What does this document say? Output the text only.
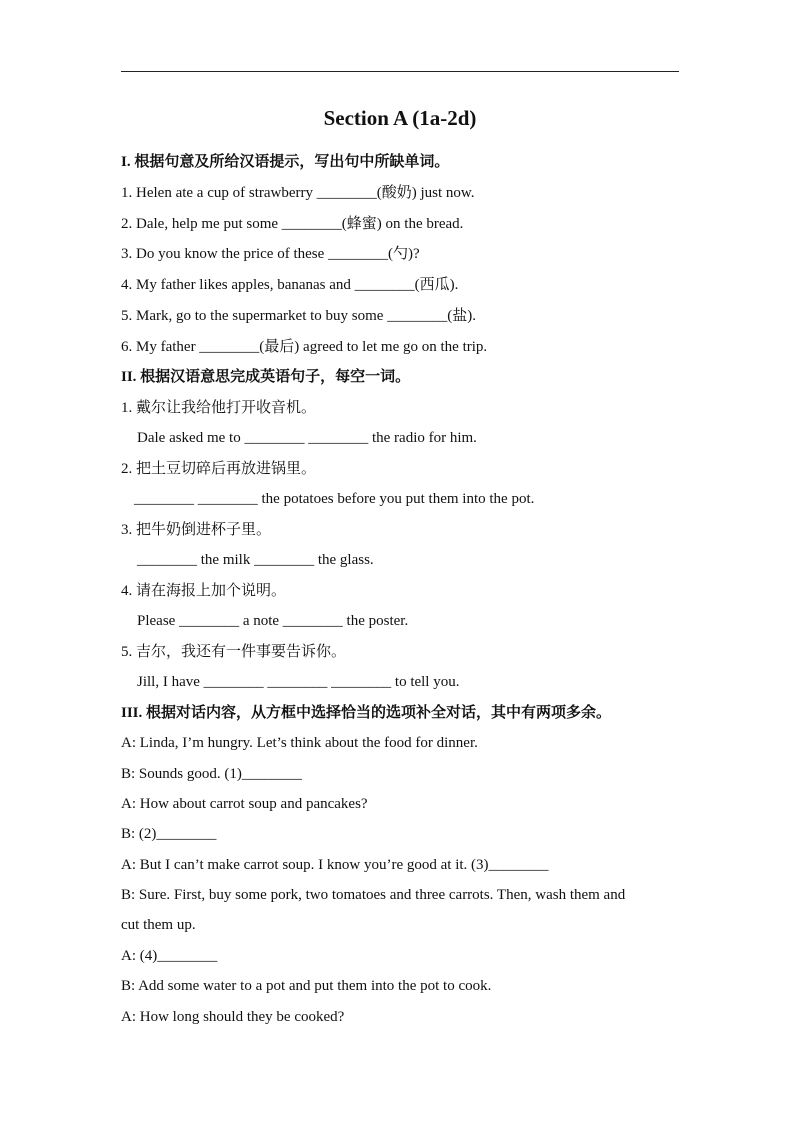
Section A (1a-2d)
I. 根据句意及所给汉语提示，写出句中所缺单词。
1. Helen ate a cup of strawberry ________(酸奶) just now.
2. Dale, help me put some ________(蜂蜜) on the bread.
3. Do you know the price of these ________(勺)?
4. My father likes apples, bananas and ________(西瓜).
5. Mark, go to the supermarket to buy some ________(盐).
6. My father ________(最后) agreed to let me go on the trip.
II. 根据汉语意思完成英语句子，每空一词。
1. 戴尔让我给他打开收音机。
Dale asked me to ________ ________ the radio for him.
2. 把土豆切碎后再放进锅里。
________ ________ the potatoes before you put them into the pot.
3. 把牛奶倒进杯子里。
________ the milk ________ the glass.
4. 请在海报上加个说明。
Please ________ a note ________ the poster.
5. 吉尔，我还有一件事要告诉你。
Jill, I have ________ ________ ________ to tell you.
III. 根据对话内容，从方框中选择恰当的选项补全对话，其中有两项多余。
A: Linda, I’m hungry. Let’s think about the food for dinner.
B: Sounds good. (1)________
A: How about carrot soup and pancakes?
B: (2)________
A: But I can’t make carrot soup. I know you’re good at it. (3)________
B: Sure. First, buy some pork, two tomatoes and three carrots. Then, wash them and
cut them up.
A: (4)________
B: Add some water to a pot and put them into the pot to cook.
A: How long should they be cooked?
